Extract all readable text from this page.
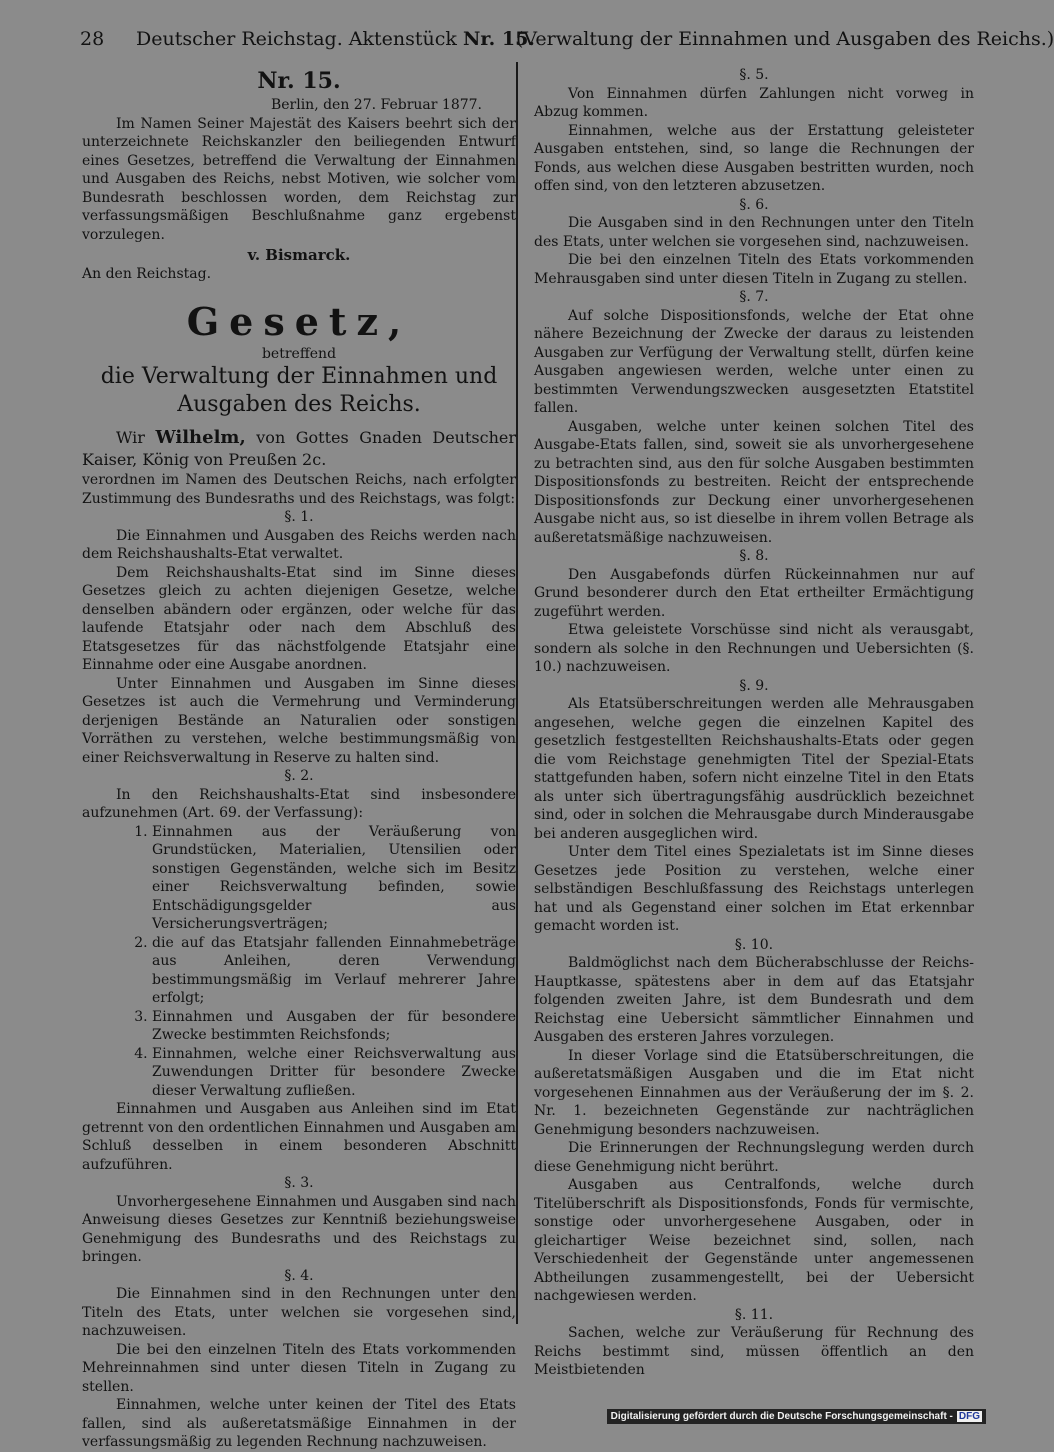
28 Deutscher Reichstag. Aktenstück Nr. 15.
(Verwaltung der Einnahmen und Ausgaben des Reichs.)
Nr. 15.

Berlin, den 27. Februar 1877.

Im Namen Seiner Majestät des Kaisers beehrt sich der unterzeichnete Reichskanzler den beiliegenden Entwurf eines Gesetzes, betreffend die Verwaltung der Einnahmen und Ausgaben des Reichs, nebst Motiven, wie solcher vom Bundesrath beschlossen worden, dem Reichstag zur verfassungsmäßigen Beschlußnahme ganz ergebenst vorzulegen.

v. Bismarck.

An den Reichstag.

Gesetz,
betreffend
die Verwaltung der Einnahmen und Ausgaben des Reichs.

Wir Wilhelm, von Gottes Gnaden Deutscher Kaiser, König von Preußen 2c.

verordnen im Namen des Deutschen Reichs, nach erfolgter Zustimmung des Bundesraths und des Reichstags, was folgt:

§. 1.

Die Einnahmen und Ausgaben des Reichs werden nach dem Reichshaushalts-Etat verwaltet.

Dem Reichshaushalts-Etat sind im Sinne dieses Gesetzes gleich zu achten diejenigen Gesetze, welche denselben abändern oder ergänzen, oder welche für das laufende Etatsjahr oder nach dem Abschluß des Etatsgesetzes für das nächstfolgende Etatsjahr eine Einnahme oder eine Ausgabe anordnen.

Unter Einnahmen und Ausgaben im Sinne dieses Gesetzes ist auch die Vermehrung und Verminderung derjenigen Bestände an Naturalien oder sonstigen Vorräthen zu verstehen, welche bestimmungsmäßig von einer Reichsverwaltung in Reserve zu halten sind.

§. 2.

In den Reichshaushalts-Etat sind insbesondere aufzunehmen (Art. 69. der Verfassung):

1. Einnahmen aus der Veräußerung von Grundstücken, Materialien, Utensilien oder sonstigen Gegenständen, welche sich im Besitz einer Reichsverwaltung befinden, sowie Entschädigungsgelder aus Versicherungsverträgen;
2. die auf das Etatsjahr fallenden Einnahmebeträge aus Anleihen, deren Verwendung bestimmungsmäßig im Verlauf mehrerer Jahre erfolgt;
3. Einnahmen und Ausgaben der für besondere Zwecke bestimmten Reichsfonds;
4. Einnahmen, welche einer Reichsverwaltung aus Zuwendungen Dritter für besondere Zwecke dieser Verwaltung zufließen.

Einnahmen und Ausgaben aus Anleihen sind im Etat getrennt von den ordentlichen Einnahmen und Ausgaben am Schluß desselben in einem besonderen Abschnitt aufzuführen.

§. 3.

Unvorhergesehene Einnahmen und Ausgaben sind nach Anweisung dieses Gesetzes zur Kenntniß beziehungsweise Genehmigung des Bundesraths und des Reichstags zu bringen.

§. 4.

Die Einnahmen sind in den Rechnungen unter den Titeln des Etats, unter welchen sie vorgesehen sind, nachzuweisen.

Die bei den einzelnen Titeln des Etats vorkommenden Mehreinnahmen sind unter diesen Titeln in Zugang zu stellen.

Einnahmen, welche unter keinen der Titel des Etats fallen, sind als außeretatsmäßige Einnahmen in der verfassungsmäßig zu legenden Rechnung nachzuweisen.

§. 5.

Von Einnahmen dürfen Zahlungen nicht vorweg in Abzug kommen.

Einnahmen, welche aus der Erstattung geleisteter Ausgaben entstehen, sind, so lange die Rechnungen der Fonds, aus welchen diese Ausgaben bestritten wurden, noch offen sind, von den letzteren abzusetzen.

§. 6.

Die Ausgaben sind in den Rechnungen unter den Titeln des Etats, unter welchen sie vorgesehen sind, nachzuweisen.

Die bei den einzelnen Titeln des Etats vorkommenden Mehrausgaben sind unter diesen Titeln in Zugang zu stellen.

§. 7.

Auf solche Dispositionsfonds, welche der Etat ohne nähere Bezeichnung der Zwecke der daraus zu leistenden Ausgaben zur Verfügung der Verwaltung stellt, dürfen keine Ausgaben angewiesen werden, welche unter einen zu bestimmten Verwendungszwecken ausgesetzten Etatstitel fallen.

Ausgaben, welche unter keinen solchen Titel des Ausgabe-Etats fallen, sind, soweit sie als unvorhergesehene zu betrachten sind, aus den für solche Ausgaben bestimmten Dispositionsfonds zu bestreiten. Reicht der entsprechende Dispositionsfonds zur Deckung einer unvorhergesehenen Ausgabe nicht aus, so ist dieselbe in ihrem vollen Betrage als außeretatsmäßige nachzuweisen.

§. 8.

Den Ausgabefonds dürfen Rückeinnahmen nur auf Grund besonderer durch den Etat ertheilter Ermächtigung zugeführt werden.

Etwa geleistete Vorschüsse sind nicht als verausgabt, sondern als solche in den Rechnungen und Uebersichten (§. 10.) nachzuweisen.

§. 9.

Als Etatsüberschreitungen werden alle Mehrausgaben angesehen, welche gegen die einzelnen Kapitel des gesetzlich festgestellten Reichshaushalts-Etats oder gegen die vom Reichstage genehmigten Titel der Spezial-Etats stattgefunden haben, sofern nicht einzelne Titel in den Etats als unter sich übertragungsfähig ausdrücklich bezeichnet sind, oder in solchen die Mehrausgabe durch Minderausgabe bei anderen ausgeglichen wird.

Unter dem Titel eines Spezialetats ist im Sinne dieses Gesetzes jede Position zu verstehen, welche einer selbständigen Beschlußfassung des Reichstags unterlegen hat und als Gegenstand einer solchen im Etat erkennbar gemacht worden ist.

§. 10.

Baldmöglichst nach dem Bücherabschlusse der Reichs-Hauptkasse, spätestens aber in dem auf das Etatsjahr folgenden zweiten Jahre, ist dem Bundesrath und dem Reichstag eine Uebersicht sämmtlicher Einnahmen und Ausgaben des ersteren Jahres vorzulegen.

In dieser Vorlage sind die Etatsüberschreitungen, die außeretatsmäßigen Ausgaben und die im Etat nicht vorgesehenen Einnahmen aus der Veräußerung der im §. 2. Nr. 1. bezeichneten Gegenstände zur nachträglichen Genehmigung besonders nachzuweisen.

Die Erinnerungen der Rechnungslegung werden durch diese Genehmigung nicht berührt.

Ausgaben aus Centralfonds, welche durch Titelüberschrift als Dispositionsfonds, Fonds für vermischte, sonstige oder unvorhergesehene Ausgaben, oder in gleichartiger Weise bezeichnet sind, sollen, nach Verschiedenheit der Gegenstände unter angemessenen Abtheilungen zusammengestellt, bei der Uebersicht nachgewiesen werden.

§. 11.

Sachen, welche zur Veräußerung für Rechnung des Reichs bestimmt sind, müssen öffentlich an den Meistbietenden

Digitalisierung gefördert durch die Deutsche Forschungsgemeinschaft - DFG
